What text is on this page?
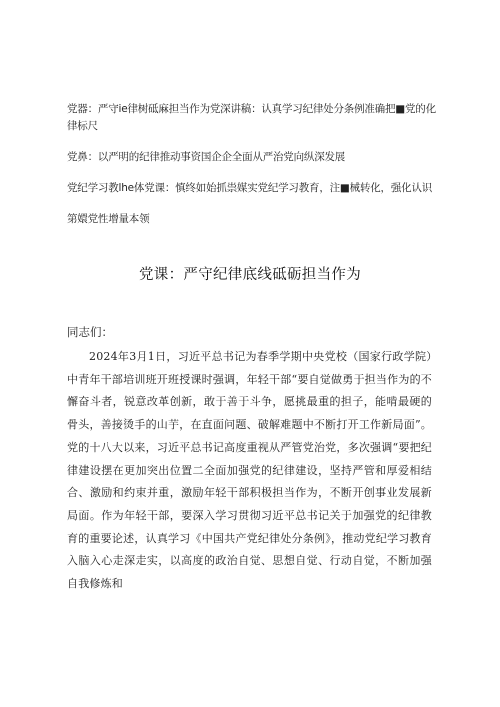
党器：严守ie律树砥麻担当作为党深讲稿：认真学习纪律处分条例准确把■党的化律标尺

党鼻：以严明的纪律推动事资国企企全面从严治党向纵深发展

党纪学习教lhe体党课：慎终如始抓祟媒实党纪学习教育，注■械转化，强化认识

第嬛党性增量本领

党课：严守纪律底线砥砺担当作为
同志们：

2024年3月1日，习近平总书记为春季学期中央党校（国家行政学院）中青年干部培训班开班授课时强调，年轻干部“要自觉做勇于担当作为的不懈奋斗者，锐意改革创新，敢于善于斗争，愿挑最重的担子，能啃最硬的骨头，善接烫手的山芋，在直面问题、破解难题中不断打开工作新局面”。党的十八大以来，习近平总书记高度重视从严管党治党，多次强调“要把纪律建设摆在更加突出位置二全面加强党的纪律建设，坚持严管和厚爱相结合、激励和约束并重，激励年轻干部积极担当作为，不断开创事业发展新局面。作为年轻干部，要深入学习贯彻习近平总书记关于加强党的纪律教育的重要论述，认真学习《中国共产党纪律处分条例》，推动党纪学习教育入脑入心走深走实，以高度的政治自觉、思想自觉、行动自觉，不断加强自我修炼和
